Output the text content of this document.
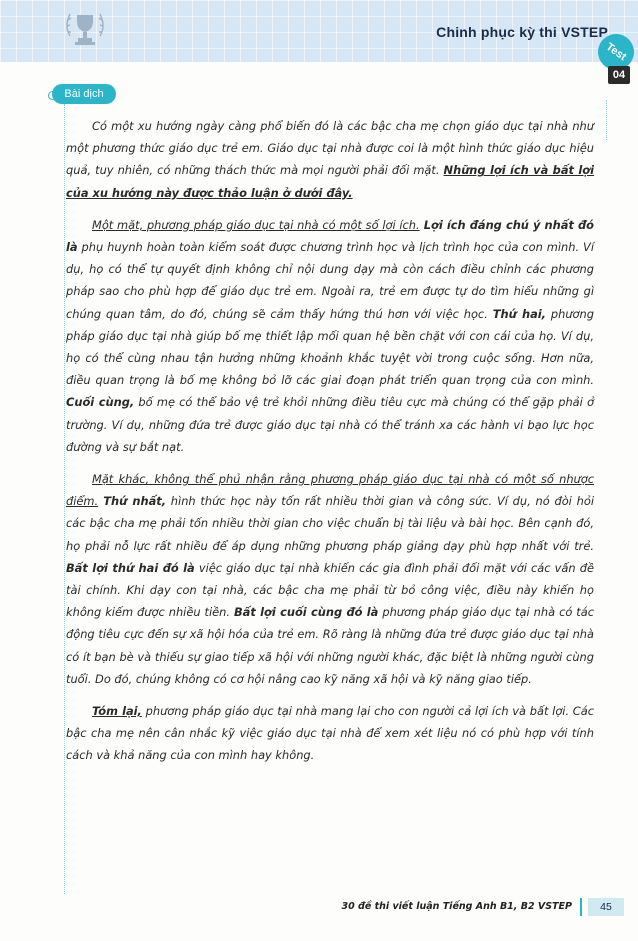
Chinh phục kỳ thi VSTEP
Test
04
Bài dịch

Có một xu hướng ngày càng phổ biến đó là các bậc cha mẹ chọn giáo dục tại nhà như một phương thức giáo dục trẻ em. Giáo dục tại nhà được coi là một hình thức giáo dục hiệu quả, tuy nhiên, có những thách thức mà mọi người phải đối mặt. Những lợi ích và bất lợi của xu hướng này được thảo luận ở dưới đây.

Một mặt, phương pháp giáo dục tại nhà có một số lợi ích. Lợi ích đáng chú ý nhất đó là phụ huynh hoàn toàn kiểm soát được chương trình học và lịch trình học của con mình. Ví dụ, họ có thể tự quyết định không chỉ nội dung dạy mà còn cách điều chỉnh các phương pháp sao cho phù hợp để giáo dục trẻ em. Ngoài ra, trẻ em được tự do tìm hiểu những gì chúng quan tâm, do đó, chúng sẽ cảm thấy hứng thú hơn với việc học. Thứ hai, phương pháp giáo dục tại nhà giúp bố mẹ thiết lập mối quan hệ bền chặt với con cái của họ. Ví dụ, họ có thể cùng nhau tận hưởng những khoảnh khắc tuyệt vời trong cuộc sống. Hơn nữa, điều quan trọng là bố mẹ không bỏ lỡ các giai đoạn phát triển quan trọng của con mình. Cuối cùng, bố mẹ có thể bảo vệ trẻ khỏi những điều tiêu cực mà chúng có thể gặp phải ở trường. Ví dụ, những đứa trẻ được giáo dục tại nhà có thể tránh xa các hành vi bạo lực học đường và sự bắt nạt.

Mặt khác, không thể phủ nhận rằng phương pháp giáo dục tại nhà có một số nhược điểm. Thứ nhất, hình thức học này tốn rất nhiều thời gian và công sức. Ví dụ, nó đòi hỏi các bậc cha mẹ phải tốn nhiều thời gian cho việc chuẩn bị tài liệu và bài học. Bên cạnh đó, họ phải nỗ lực rất nhiều để áp dụng những phương pháp giảng dạy phù hợp nhất với trẻ. Bất lợi thứ hai đó là việc giáo dục tại nhà khiến các gia đình phải đối mặt với các vấn đề tài chính. Khi dạy con tại nhà, các bậc cha mẹ phải từ bỏ công việc, điều này khiến họ không kiếm được nhiều tiền. Bất lợi cuối cùng đó là phương pháp giáo dục tại nhà có tác động tiêu cực đến sự xã hội hóa của trẻ em. Rõ ràng là những đứa trẻ được giáo dục tại nhà có ít bạn bè và thiếu sự giao tiếp xã hội với những người khác, đặc biệt là những người cùng tuổi. Do đó, chúng không có cơ hội nâng cao kỹ năng xã hội và kỹ năng giao tiếp.

Tóm lại, phương pháp giáo dục tại nhà mang lại cho con người cả lợi ích và bất lợi. Các bậc cha mẹ nên cân nhắc kỹ việc giáo dục tại nhà để xem xét liệu nó có phù hợp với tính cách và khả năng của con mình hay không.

30 đề thi viết luận Tiếng Anh B1, B2 VSTEP	45
